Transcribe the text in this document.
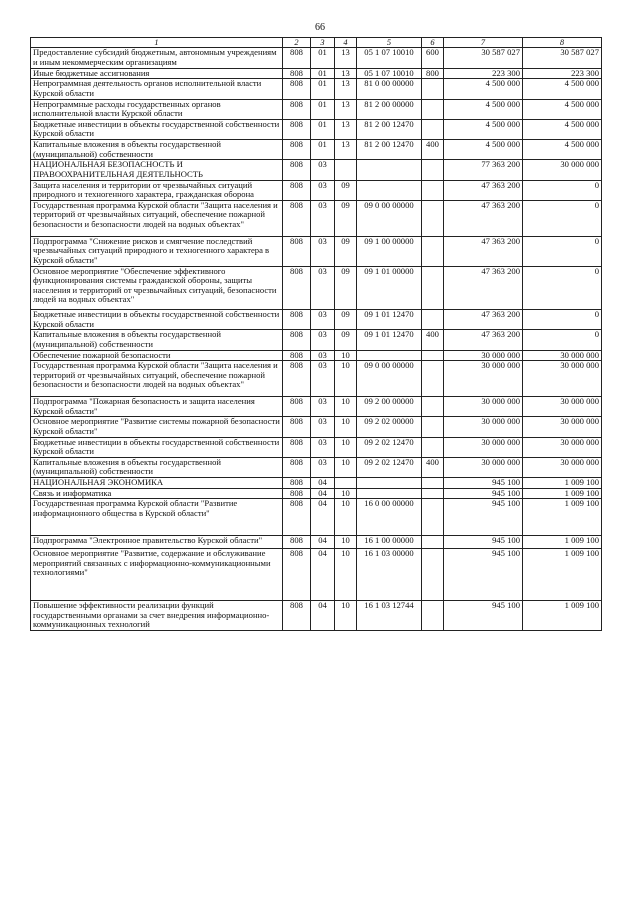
66
1	2	3	4	5	6	7	8
Предоставление субсидий бюджетным, автономным учреждениям и иным некоммерческим организациям	808	01	13	05 1 07 10010	600	30 587 027	30 587 027
Иные бюджетные ассигнования	808	01	13	05 1 07 10010	800	223 300	223 300
Непрограммная деятельность органов исполнительной власти Курской области	808	01	13	81 0 00 00000		4 500 000	4 500 000
Непрограммные расходы государственных органов исполнительной власти Курской области	808	01	13	81 2 00 00000		4 500 000	4 500 000
Бюджетные инвестиции в объекты государственной собственности Курской области	808	01	13	81 2 00 12470		4 500 000	4 500 000
Капитальные вложения в объекты государственной (муниципальной) собственности	808	01	13	81 2 00 12470	400	4 500 000	4 500 000
НАЦИОНАЛЬНАЯ БЕЗОПАСНОСТЬ И ПРАВООХРАНИТЕЛЬНАЯ ДЕЯТЕЛЬНОСТЬ	808	03				77 363 200	30 000 000
Защита населения и территории от чрезвычайных ситуаций природного и техногенного характера, гражданская оборона	808	03	09			47 363 200	0
Государственная программа Курской области "Защита населения и территорий от чрезвычайных ситуаций, обеспечение пожарной безопасности и безопасности людей на водных объектах"	808	03	09	09 0 00 00000		47 363 200	0
Подпрограмма "Снижение рисков и смягчение последствий чрезвычайных ситуаций природного и техногенного характера в Курской области"	808	03	09	09 1 00 00000		47 363 200	0
Основное мероприятие "Обеспечение эффективного функционирования системы гражданской обороны, защиты населения и территорий от чрезвычайных ситуаций, безопасности людей на водных объектах"	808	03	09	09 1 01 00000		47 363 200	0
Бюджетные инвестиции в объекты государственной собственности Курской области	808	03	09	09 1 01 12470		47 363 200	0
Капитальные вложения в объекты государственной (муниципальной) собственности	808	03	09	09 1 01 12470	400	47 363 200	0
Обеспечение пожарной безопасности	808	03	10			30 000 000	30 000 000
Государственная программа Курской области "Защита населения и территорий от чрезвычайных ситуаций, обеспечение пожарной безопасности и безопасности людей на водных объектах"	808	03	10	09 0 00 00000		30 000 000	30 000 000
Подпрограмма "Пожарная безопасность и защита населения Курской области"	808	03	10	09 2 00 00000		30 000 000	30 000 000
Основное мероприятие "Развитие системы пожарной безопасности Курской области"	808	03	10	09 2 02 00000		30 000 000	30 000 000
Бюджетные инвестиции в объекты государственной собственности Курской области	808	03	10	09 2 02 12470		30 000 000	30 000 000
Капитальные вложения в объекты государственной (муниципальной) собственности	808	03	10	09 2 02 12470	400	30 000 000	30 000 000
НАЦИОНАЛЬНАЯ ЭКОНОМИКА	808	04				945 100	1 009 100
Связь и информатика	808	04	10			945 100	1 009 100
Государственная программа Курской области "Развитие информационного общества в Курской области"	808	04	10	16 0 00 00000		945 100	1 009 100
Подпрограмма "Электронное правительство Курской области"	808	04	10	16 1 00 00000		945 100	1 009 100
Основное мероприятие "Развитие, содержание и обслуживание мероприятий связанных с информационно-коммуникационными технологиями"	808	04	10	16 1 03 00000		945 100	1 009 100
Повышение эффективности реализации функций государственными органами за счет внедрения информационно-коммуникационных технологий	808	04	10	16 1 03 12744		945 100	1 009 100
